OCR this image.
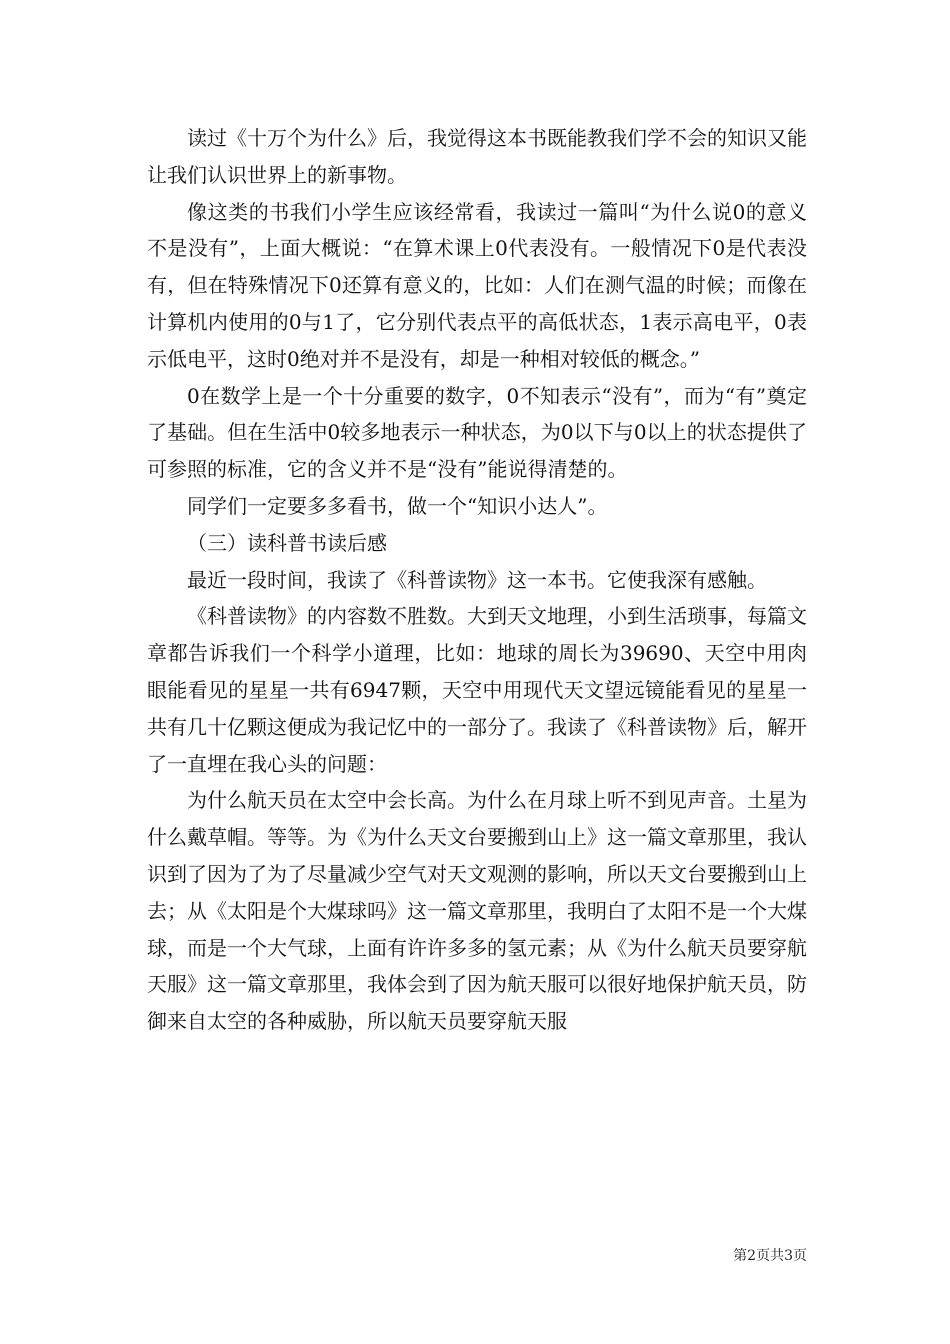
读过《十万个为什么》后，我觉得这本书既能教我们学不会的知识又能让我们认识世界上的新事物。

像这类的书我们小学生应该经常看，我读过一篇叫“为什么说0的意义不是没有”，上面大概说：“在算术课上0代表没有。一般情况下0是代表没有，但在特殊情况下0还算有意义的，比如：人们在测气温的时候；而像在计算机内使用的0与1了，它分别代表点平的高低状态，1表示高电平，0表示低电平，这时0绝对并不是没有，却是一种相对较低的概念。”

0在数学上是一个十分重要的数字，0不知表示“没有”，而为“有”奠定了基础。但在生活中0较多地表示一种状态，为0以下与0以上的状态提供了可参照的标准，它的含义并不是“没有”能说得清楚的。

同学们一定要多多看书，做一个“知识小达人”。

（三）读科普书读后感

最近一段时间，我读了《科普读物》这一本书。它使我深有感触。

《科普读物》的内容数不胜数。大到天文地理，小到生活琐事，每篇文章都告诉我们一个科学小道理，比如：地球的周长为39690、天空中用肉眼能看见的星星一共有6947颗，天空中用现代天文望远镜能看见的星星一共有几十亿颗这便成为我记忆中的一部分了。我读了《科普读物》后，解开了一直埋在我心头的问题：

为什么航天员在太空中会长高。为什么在月球上听不到见声音。土星为什么戴草帽。等等。为《为什么天文台要搬到山上》这一篇文章那里，我认识到了因为了为了尽量减少空气对天文观测的影响，所以天文台要搬到山上去；从《太阳是个大煤球吗》这一篇文章那里，我明白了太阳不是一个大煤球，而是一个大气球，上面有许许多多的氢元素；从《为什么航天员要穿航天服》这一篇文章那里，我体会到了因为航天服可以很好地保护航天员，防御来自太空的各种威胁，所以航天员要穿航天服

第2页共3页
